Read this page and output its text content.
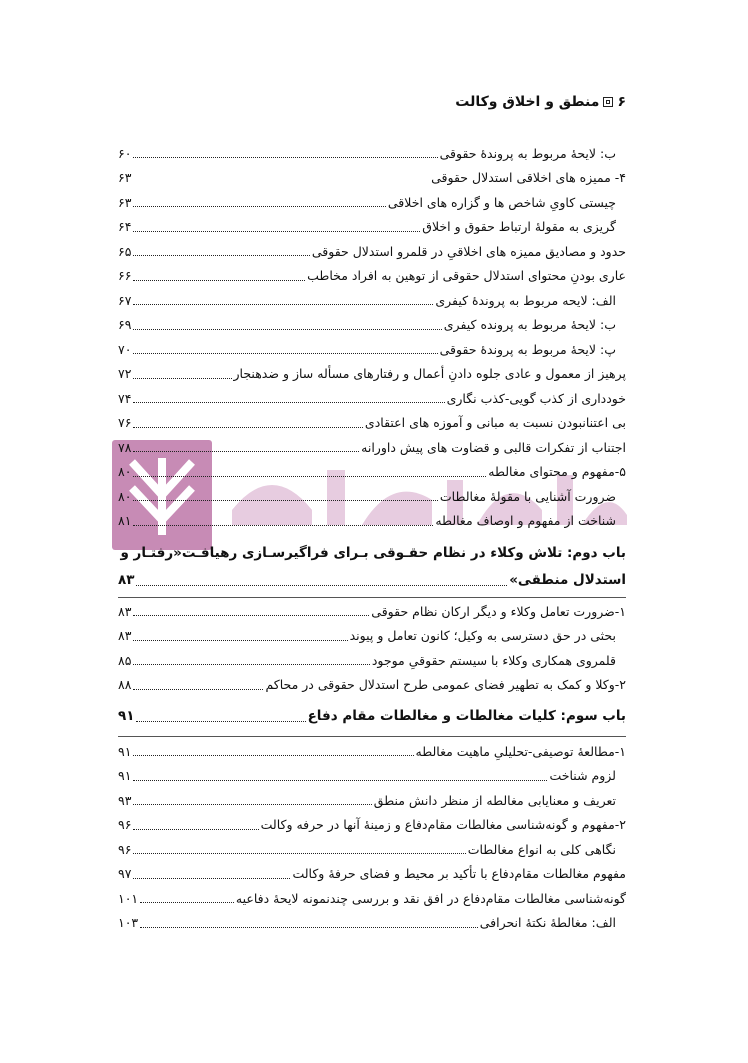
۶
منطق و اخلاق وکالت
ب: لایحهٔ مربوط به پروندهٔ حقوقی
۶۰
۴- ممیزه های اخلاقی استدلال حقوقی
۶۳
چیستی کاویِ شاخص ها و گزاره های اخلاقی
۶۳
گریزی به مقولهٔ ارتباط حقوق و اخلاق
۶۴
حدود و مصادیق ممیزه های اخلاقیِ در قلمرو استدلال حقوقی
۶۵
عاری بودنِ محتوای استدلال حقوقی از توهین به افراد مخاطب
۶۶
الف: لایحه مربوط به پروندهٔ کیفری
۶۷
ب: لایحهٔ مربوط به پرونده کیفری
۶۹
پ: لایحهٔ مربوط به پروندهٔ حقوقی
۷۰
پرهیز از معمول و عادی جلوه دادنِ أعمال و رفتارهای مسأله ساز و ضدهنجار
۷۲
خودداری از کذب گویی-کذب نگاری
۷۴
بی اعتنانبودن نسبت به مبانی و آموزه های اعتقادی
۷۶
اجتناب از تفکرات قالبی و قضاوت های پیش داورانه
۷۸
۵-مفهوم و محتوای مغالطه
۸۰
ضرورت آشنایی با مقولهٔ مغالطات
۸۰
شناخت از مفهوم و اوصاف مغالطه
۸۱
۱-ضرورت تعامل وکلاء و دیگر ارکان نظام حقوقی
۸۳
بحثی در حق دسترسی به وکیل؛ کانون تعامل و پیوند
۸۳
قلمروی همکاری وکلاء با سیستم حقوقیِ موجود
۸۵
۲-وکلا و کمک به تطهیر فضای عمومی طرح استدلال حقوقی در محاکم
۸۸
۱-مطالعهٔ توصیفی-تحلیلیِ ماهیت مغالطه
۹۱
لزوم شناخت
۹۱
تعریف و معنایابی مغالطه از منظر دانش منطق
۹۳
۲-مفهوم و گونه‌شناسی مغالطات مقام‌دفاع و زمینهٔ آنها در حرفه وکالت
۹۶
نگاهی کلی به انواع مغالطات
۹۶
مفهوم مغالطات مقام‌دفاع با تأکید بر محیط و فضای حرفهٔ وکالت
۹۷
گونه‌شناسی مغالطات مقام‌دفاع در افق نقد و بررسی چندنمونه لایحهٔ دفاعیه
۱۰۱
الف: مغالطهٔ نکتهٔ انحرافی
۱۰۳
باب دوم: تلاش وکلاء در نظام حقـوقی بـرای فراگیرسـازی رهیافـت«رفتـار و
استدلال منطقی»
۸۳
باب سوم: کلیات مغالطات و مغالطات مقام دفاع
۹۱
